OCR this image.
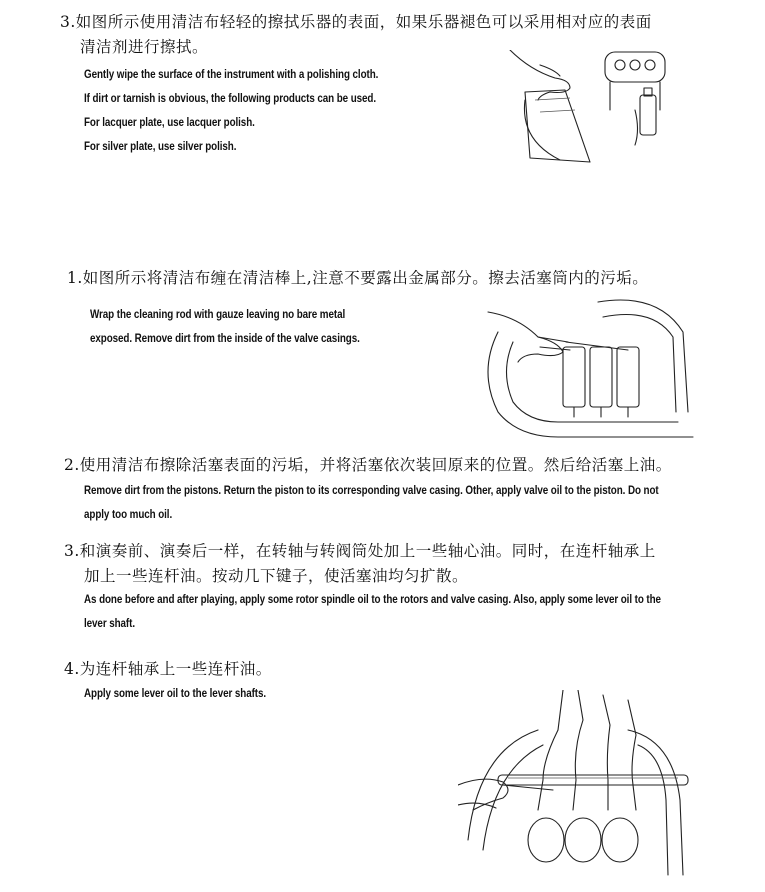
3.如图所示使用清洁布轻轻的擦拭乐器的表面，如果乐器褪色可以采用相对应的表面
清洁剂进行擦拭。
Gently wipe the surface of the instrument with a polishing cloth.
If dirt or tarnish is obvious, the following products can be used.
For lacquer plate, use lacquer polish.
For silver plate, use silver polish.
1.如图所示将清洁布缠在清洁棒上,注意不要露出金属部分。擦去活塞筒内的污垢。
Wrap the cleaning rod with gauze leaving no bare metal
exposed. Remove dirt from the inside of the valve casings.
2.使用清洁布擦除活塞表面的污垢，并将活塞依次装回原来的位置。然后给活塞上油。
Remove dirt from the pistons. Return the piston to its corresponding valve casing. Other, apply valve oil to the piston. Do not
apply too much oil.
3.和演奏前、演奏后一样，在转轴与转阀筒处加上一些轴心油。同时，在连杆轴承上
加上一些连杆油。按动几下键子，使活塞油均匀扩散。
As done before and after playing, apply some rotor spindle oil to the rotors and valve casing. Also, apply some lever oil to the
lever shaft.
4.为连杆轴承上一些连杆油。
Apply some lever oil to the lever shafts.
